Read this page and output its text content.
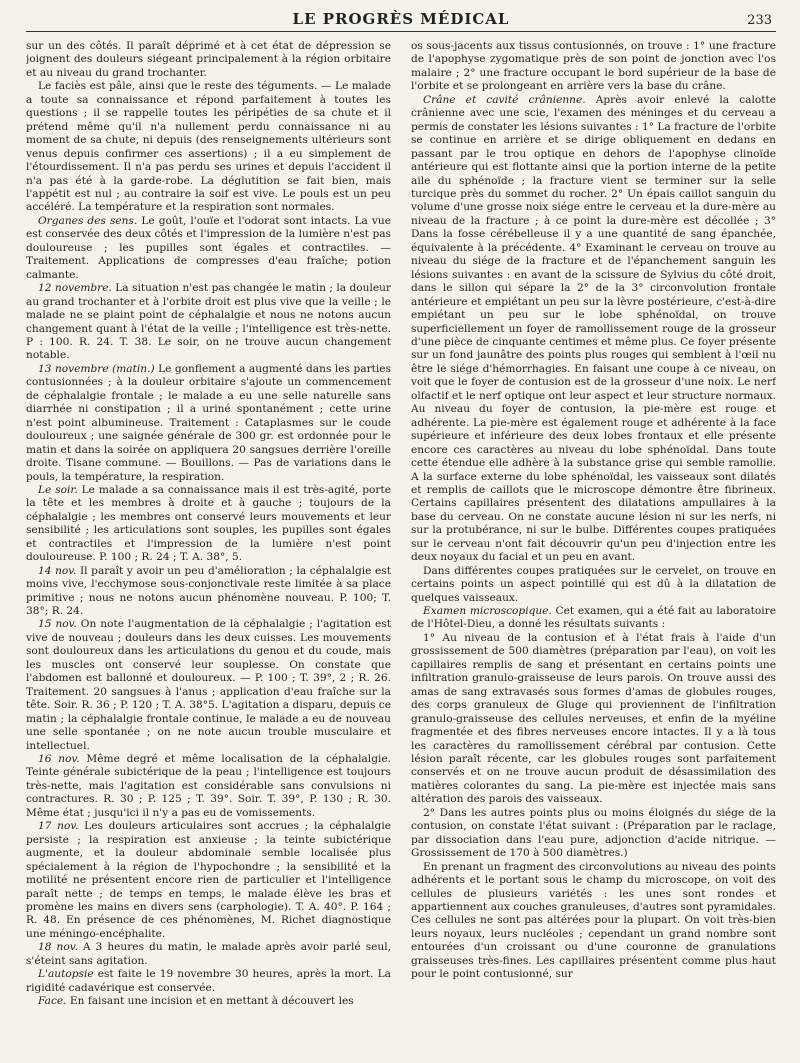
LE PROGRÈS MÉDICAL	233

sur un des côtés. Il paraît déprimé et à cet état de dépression se joignent des douleurs siégeant principalement à la région orbitaire et au niveau du grand trochanter.

Le faciès est pâle, ainsi que le reste des téguments. — Le malade a toute sa connaissance et répond parfaitement à toutes les questions ; il se rappelle toutes les péripéties de sa chute et il prétend même qu'il n'a nullement perdu connaissance ni au moment de sa chute, ni depuis (des renseignements ultérieurs sont venus depuis confirmer ces assertions) ; il a eu simplement de l'étourdissement. Il n'a pas perdu ses urines et depuis l'accident il n'a pas été à la garde-robe. La déglutition se fait bien, mais l'appétit est nul ; au contraire la soif est vive. Le pouls est un peu accéléré. La température et la respiration sont normales.

Organes des sens. Le goût, l'ouïe et l'odorat sont intacts. La vue est conservée des deux côtés et l'impression de la lumière n'est pas douloureuse ; les pupilles sont égales et contractiles. — Traitement. Applications de compresses d'eau fraîche; potion calmante.

12 novembre. La situation n'est pas changée le matin ; la douleur au grand trochanter et à l'orbite droit est plus vive que la veille ; le malade ne se plaint point de céphalalgie et nous ne notons aucun changement quant à l'état de la veille ; l'intelligence est très-nette. P : 100. R. 24. T. 38. Le soir, on ne trouve aucun changement notable.

13 novembre (matin.) Le gonflement a augmenté dans les parties contusionnées ; à la douleur orbitaire s'ajoute un commencement de céphalalgie frontale ; le malade a eu une selle naturelle sans diarrhée ni constipation ; il a uriné spontanément ; cette urine n'est point albumineuse. Traitement : Cataplasmes sur le coude douloureux ; une saignée générale de 300 gr. est ordonnée pour le matin et dans la soirée on appliquera 20 sangsues derrière l'oreille droite. Tisane commune. — Bouillons. — Pas de variations dans le pouls, la température, la respiration.

Le soir. Le malade a sa connaissance mais il est très-agité, porte la tête et les membres à droite et à gauche ; toujours de la céphalalgie ; les membres ont conservé leurs mouvements et leur sensibilité ; les articulations sont souples, les pupilles sont égales et contractiles et l'impression de la lumière n'est point douloureuse. P. 100 ; R. 24 ; T. A. 38°, 5.

14 nov. Il paraît y avoir un peu d'amélioration ; la céphalalgie est moins vive, l'ecchymose sous-conjonctivale reste limitée à sa place primitive ; nous ne notons aucun phénomène nouveau. P. 100; T. 38°; R. 24.

15 nov. On note l'augmentation de la céphalalgie ; l'agitation est vive de nouveau ; douleurs dans les deux cuisses. Les mouvements sont douloureux dans les articulations du genou et du coude, mais les muscles ont conservé leur souplesse. On constate que l'abdomen est ballonné et douloureux. — P. 100 ; T. 39°, 2 ; R. 26. Traitement. 20 sangsues à l'anus ; application d'eau fraîche sur la tête. Soir. R. 36 ; P. 120 ; T. A. 38°5. L'agitation a disparu, depuis ce matin ; la céphalalgie frontale continue, le malade a eu de nouveau une selle spontanée ; on ne note aucun trouble musculaire et intellectuel.

16 nov. Même degré et même localisation de la céphalalgie. Teinte générale subictérique de la peau ; l'intelligence est toujours très-nette, mais l'agitation est considérable sans convulsions ni contractures. R. 30 ; P. 125 ; T. 39°. Soir. T. 39°, P. 130 ; R. 30. Même état ; jusqu'ici il n'y a pas eu de vomissements.

17 nov. Les douleurs articulaires sont accrues ; la céphalalgie persiste ; la respiration est anxieuse ; la teinte subictérique augmente, et la douleur abdominale semble localisée plus spécialement à la région de l'hypochondre ; la sensibilité et la motilité ne présentent encore rien de particulier et l'intelligence paraît nette ; de temps en temps, le malade élève les bras et promène les mains en divers sens (carphologie). T. A. 40°. P. 164 ; R. 48. En présence de ces phénomènes, M. Richet diagnostique une méningo-encéphalite.

18 nov. A 3 heures du matin, le malade après avoir parlé seul, s'éteint sans agitation.

L'autopsie est faite le 19 novembre 30 heures, après la mort. La rigidité cadavérique est conservée.

Face. En faisant une incision et en mettant à découvert les

os sous-jacents aux tissus contusionnés, on trouve : 1° une fracture de l'apophyse zygomatique près de son point de jonction avec l'os malaire ; 2° une fracture occupant le bord supérieur de la base de l'orbite et se prolongeant en arrière vers la base du crâne.

Crâne et cavité crânienne. Après avoir enlevé la calotte crânienne avec une scie, l'examen des méninges et du cerveau a permis de constater les lésions suivantes : 1° La fracture de l'orbite se continue en arrière et se dirige obliquement en dedans en passant par le trou optique en dehors de l'apophyse clinoïde antérieure qui est flottante ainsi que la portion interne de la petite aile du sphénoïde ; la fracture vient se terminer sur la selle turcique près du sommet du rocher. 2° Un épais caillot sanguin du volume d'une grosse noix siége entre le cerveau et la dure-mère au niveau de la fracture ; à ce point la dure-mère est décollée ; 3° Dans la fosse cérébelleuse il y a une quantité de sang épanchée, équivalente à la précédente. 4° Examinant le cerveau on trouve au niveau du siége de la fracture et de l'épanchement sanguin les lésions suivantes : en avant de la scissure de Sylvius du côté droit, dans le sillon qui sépare la 2° de la 3° circonvolution frontale antérieure et empiétant un peu sur la lèvre postérieure, c'est-à-dire empiétant un peu sur le lobe sphénoïdal, on trouve superficiellement un foyer de ramollissement rouge de la grosseur d'une pièce de cinquante centimes et même plus. Ce foyer présente sur un fond jaunâtre des points plus rouges qui semblent à l'œil nu être le siége d'hémorrhagies. En faisant une coupe à ce niveau, on voit que le foyer de contusion est de la grosseur d'une noix. Le nerf olfactif et le nerf optique ont leur aspect et leur structure normaux. Au niveau du foyer de contusion, la pie-mère est rouge et adhérente. La pie-mère est également rouge et adhérente à la face supérieure et inférieure des deux lobes frontaux et elle présente encore ces caractères au niveau du lobe sphénoïdal. Dans toute cette étendue elle adhère à la substance grise qui semble ramollie. A la surface externe du lobe sphénoïdal, les vaisseaux sont dilatés et remplis de caillots que le microscope démontre être fibrineux. Certains capillaires présentent des dilatations ampullaires à la base du cerveau. On ne constate aucune lésion ni sur les nerfs, ni sur la protubérance, ni sur le bulbe. Différentes coupes pratiquées sur le cerveau n'ont fait découvrir qu'un peu d'injection entre les deux noyaux du facial et un peu en avant.

Dans différentes coupes pratiquées sur le cervelet, on trouve en certains points un aspect pointillé qui est dû à la dilatation de quelques vaisseaux.

Examen microscopique. Cet examen, qui a été fait au laboratoire de l'Hôtel-Dieu, a donné les résultats suivants :

1° Au niveau de la contusion et à l'état frais à l'aide d'un grossissement de 500 diamètres (préparation par l'eau), on voit les capillaires remplis de sang et présentant en certains points une infiltration granulo-graisseuse de leurs parois. On trouve aussi des amas de sang extravasés sous formes d'amas de globules rouges, des corps granuleux de Gluge qui proviennent de l'infiltration granulo-graisseuse des cellules nerveuses, et enfin de la myéline fragmentée et des fibres nerveuses encore intactes. Il y a là tous les caractères du ramollissement cérébral par contusion. Cette lésion paraît récente, car les globules rouges sont parfaitement conservés et on ne trouve aucun produit de désassimilation des matières colorantes du sang. La pie-mère est injectée mais sans altération des parois des vaisseaux.

2° Dans les autres points plus ou moins éloignés du siége de la contusion, on constate l'état suivant : (Préparation par le raclage, par dissociation dans l'eau pure, adjonction d'acide nitrique. — Grossissement de 170 à 500 diamètres.)

En prenant un fragment des circonvolutions au niveau des points adhérents et le portant sous le champ du microscope, on voit des cellules de plusieurs variétés : les unes sont rondes et appartiennent aux couches granuleuses, d'autres sont pyramidales. Ces cellules ne sont pas altérées pour la plupart. On voit très-bien leurs noyaux, leurs nucléoles ; cependant un grand nombre sont entourées d'un croissant ou d'une couronne de granulations graisseuses très-fines. Les capillaires présentent comme plus haut pour le point contusionné, sur
